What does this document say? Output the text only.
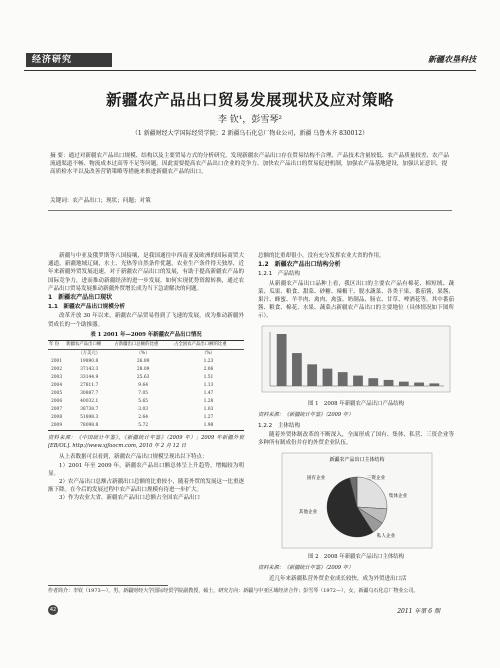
经济研究	新疆农垦科技
新疆农产品出口贸易发展现状及应对策略
李 钦¹，彭雪琴²
（1 新疆财经大学国际经贸学院；2 新疆乌石化总厂物业公司，新疆 乌鲁木齐 830012）
摘 要：通过对新疆农产品出口规模、结构以及主要贸易方式的分析研究，发现新疆农产品出口存在贸易结构不合理、产品技术含量较低、农产品质量较差、农产品流通渠道不畅、物流成本过高等不足等问题。因此需要提高农产品出口企业的竞争力、加快农产品出口的贸易促进机制，加强农产品基地建设，加强认证意识，提高质检水平以及改善营销策略等措施来推进新疆农产品的出口。
关键词：农产品出口；现状；问题；对策

新疆与中亚及俄罗斯等八国接壤，是我国通往中西南亚及欧洲的国际商贸大通道。新疆地域辽阔，水土、光热等自然条件优越，农业生产条件得天独厚，近年来新疆外贸发展迅速，对于新疆农产品出口的发展，有助于提高新疆农产品的国际竞争力，进而推动新疆经济的进一步发展。如何实现优势资源转换，通过农产品出口贸易发展推动新疆外贸增长成为当下急需解决的问题。

1　新疆农产品出口现状
1.1　新疆农产品出口规模分析

改革开放 30 年以来，新疆农产品贸易得到了飞速的发展，成为推动新疆外贸成长的一个助推器。

表 1 2001 年—2009 年新疆农产品出口情况
年 份	新疆农产品出口额	占新疆出口总额的比重	占全国农产品出口额的比重
	（万美元）	（%）	（%）
2001	19890.8	26.89	1.23
2002	37143.3	28.09	2.06
2003	33144.9	25.63	1.51
2004	27811.7	9.64	1.13
2005	30887.7	7.05	1.47
2006	40032.1	5.65	1.28
2007	38738.7	3.03	1.03
2008	51898.3	2.64	1.27
2009	78098.8	5.72	1.98
资料来源：《中国统计年鉴》，《新疆统计年鉴》（2009 年）；2009 年新疆外贸[EB/OL]. http://www.xjfaocm.com, 2010 年 2 月 12 日

从上表数据可以看到，新疆农产品出口规模呈现出以下特点：

1）2001 年至 2009 年，新疆农产品出口额总体呈上升趋势，增幅较为明显。

2）农产品出口总额占新疆出口总额的比重较小，随着外贸的发展这一比重逐渐下降。在今后的发展过程中农产品出口规模有待进一步扩大。

3）作为农业大省，新疆农产品出口总额占全国农产品出口

总额的比重却很小，没有充分发挥农业大省的作用。

1.2　新疆农产品出口结构分析
1.2.1　产品结构

从新疆农产品出口品种上看，我区出口的主要农产品有棉花、棉短绒、蔬菜、瓜果、粮食、甜菜、砂糖、辣椒干、脱水蔬菜、各类干果、番茄酱、果酱、果汁、蜂蜜、羊羊肉、禽肉、禽蛋、奶制品、肠衣、甘草、啤酒花等。其中番茄酱、粮食、棉花、水果、蔬菜占新疆农产品出口的主要地位（具体情况如下图所示）。

图 1　2008 年新疆农产品出口产品结构
资料来源：《新疆统计年鉴》（2009 年）
1.2.2　主体结构

随着外贸体制改革的不断深入，全面形成了国有、集体、私营、三资企业等多种所有制成份并存的外贸企业队伍。

新疆农产品出口主体结构
国有企业	三资企业
集体企业
私人企业
其他企业
图 2　2008 年新疆农产品出口主体结构
资料来源：《新疆统计年鉴》（2009 年）

近几年来新疆私营外贸企业成长较快，成为外贸进出口活

作者简介：李钦（1973—），男，新疆财经大学国际经贸学院副教授，硕士，研究方向：新疆与中亚区域经济合作；彭雪琴（1972—），女，新疆乌石化总厂物业公司。
42	2011 年第 6 期
